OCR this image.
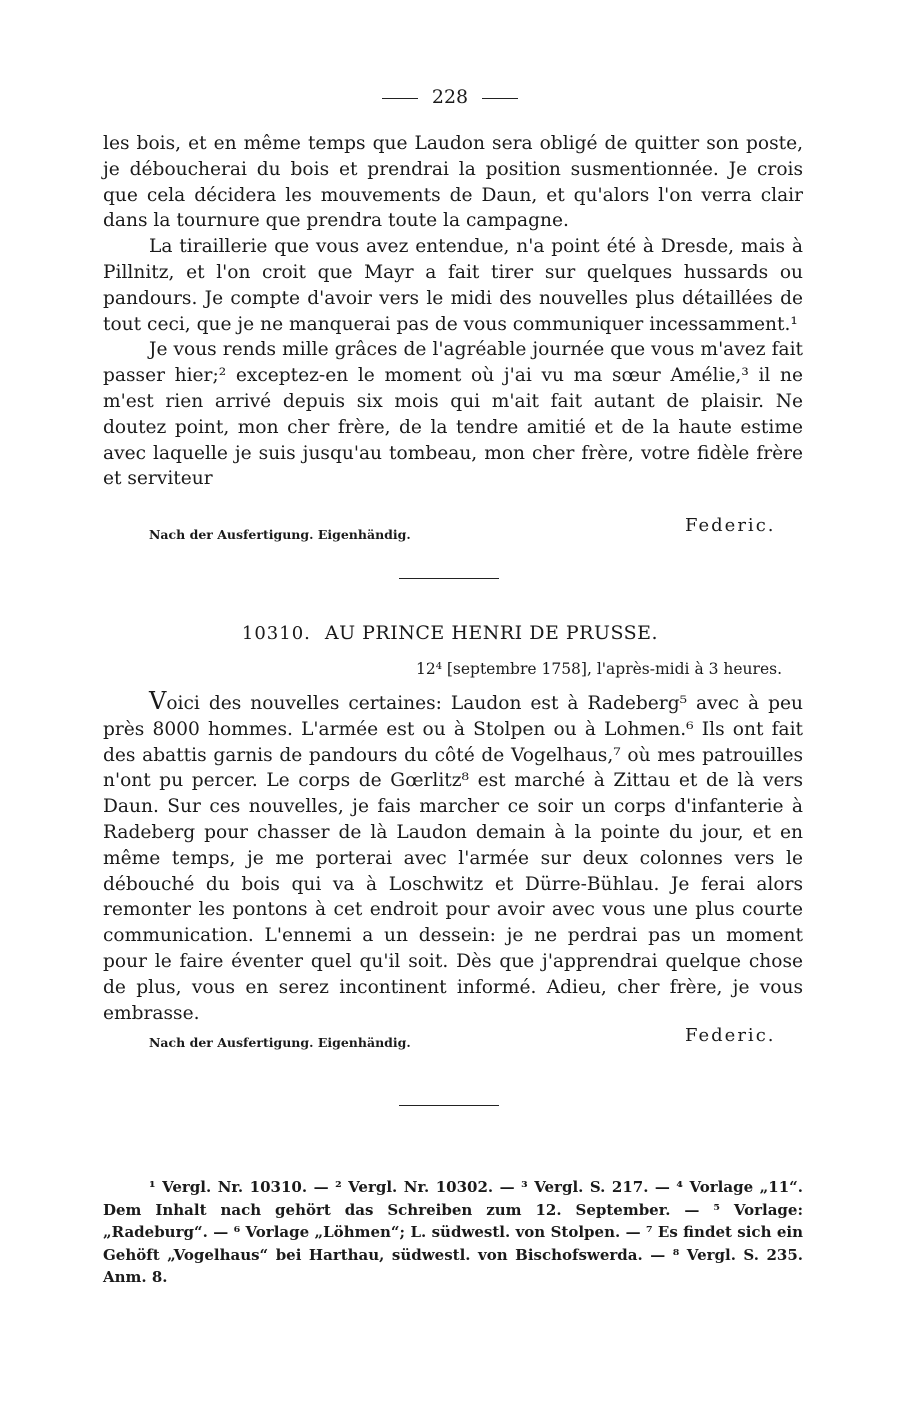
228

les bois, et en même temps que Laudon sera obligé de quitter son poste, je déboucherai du bois et prendrai la position susmentionnée. Je crois que cela décidera les mouvements de Daun, et qu'alors l'on verra clair dans la tournure que prendra toute la campagne.

La tiraillerie que vous avez entendue, n'a point été à Dresde, mais à Pillnitz, et l'on croit que Mayr a fait tirer sur quelques hussards ou pandours. Je compte d'avoir vers le midi des nouvelles plus détaillées de tout ceci, que je ne manquerai pas de vous communiquer incessamment.¹

Je vous rends mille grâces de l'agréable journée que vous m'avez fait passer hier;² exceptez-en le moment où j'ai vu ma sœur Amélie,³ il ne m'est rien arrivé depuis six mois qui m'ait fait autant de plaisir. Ne doutez point, mon cher frère, de la tendre amitié et de la haute estime avec laquelle je suis jusqu'au tombeau, mon cher frère, votre fidèle frère et serviteur

Nach der Ausfertigung. Eigenhändig.	Federic.
10310. AU PRINCE HENRI DE PRUSSE.
12⁴ [septembre 1758], l'après-midi à 3 heures.

Voici des nouvelles certaines: Laudon est à Radeberg⁵ avec à peu près 8000 hommes. L'armée est ou à Stolpen ou à Lohmen.⁶ Ils ont fait des abattis garnis de pandours du côté de Vogelhaus,⁷ où mes patrouilles n'ont pu percer. Le corps de Gœrlitz⁸ est marché à Zittau et de là vers Daun. Sur ces nouvelles, je fais marcher ce soir un corps d'infanterie à Radeberg pour chasser de là Laudon demain à la pointe du jour, et en même temps, je me porterai avec l'armée sur deux colonnes vers le débouché du bois qui va à Loschwitz et Dürre-Bühlau. Je ferai alors remonter les pontons à cet endroit pour avoir avec vous une plus courte communication. L'ennemi a un dessein: je ne perdrai pas un moment pour le faire éventer quel qu'il soit. Dès que j'apprendrai quelque chose de plus, vous en serez incontinent informé. Adieu, cher frère, je vous embrasse.

Nach der Ausfertigung. Eigenhändig.	Federic.

¹ Vergl. Nr. 10310. — ² Vergl. Nr. 10302. — ³ Vergl. S. 217. — ⁴ Vorlage „11“. Dem Inhalt nach gehört das Schreiben zum 12. September. — ⁵ Vorlage: „Radeburg“. — ⁶ Vorlage „Löhmen“; L. südwestl. von Stolpen. — ⁷ Es findet sich ein Gehöft „Vogelhaus“ bei Harthau, südwestl. von Bischofswerda. — ⁸ Vergl. S. 235. Anm. 8.
